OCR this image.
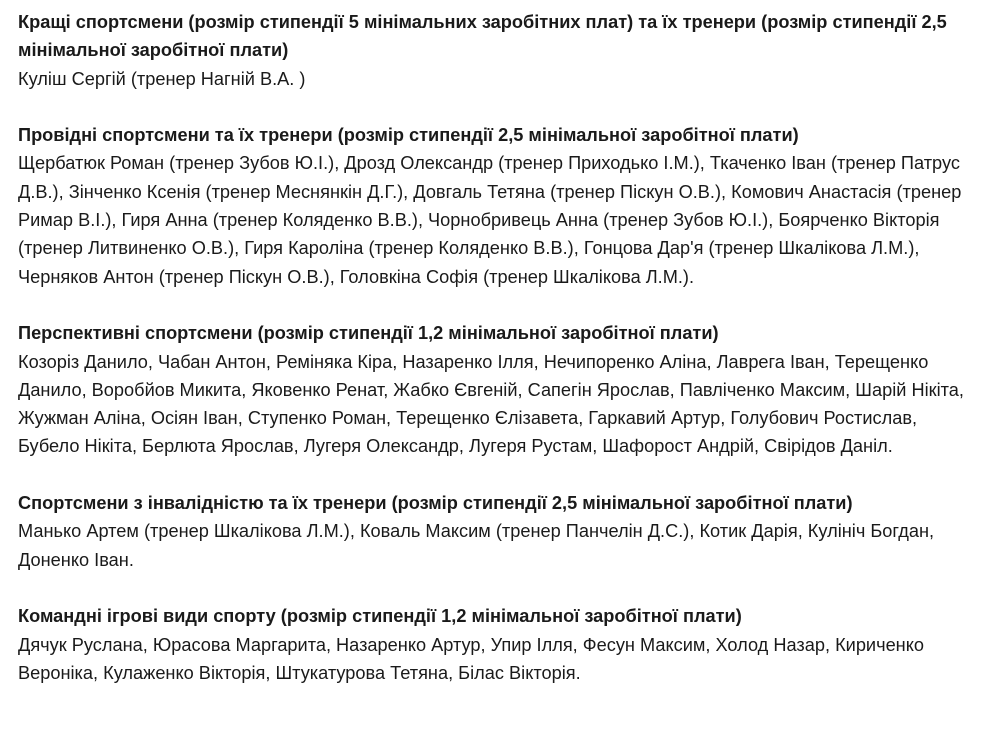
Кращі спортсмени (розмір стипендії 5 мінімальних заробітних плат) та їх тренери (розмір стипендії 2,5 мінімальної заробітної плати)

Куліш Сергій (тренер Нагній В.А. )

Провідні спортсмени та їх тренери (розмір стипендії 2,5 мінімальної заробітної плати)

Щербатюк Роман (тренер Зубов Ю.І.), Дрозд Олександр (тренер Приходько І.М.), Ткаченко Іван (тренер Патрус Д.В.), Зінченко Ксенія (тренер Меснянкін Д.Г.), Довгаль Тетяна (тренер Піскун О.В.), Комович Анастасія (тренер Римар В.І.), Гиря Анна (тренер Коляденко В.В.), Чорнобривець Анна (тренер Зубов Ю.І.), Боярченко Вікторія (тренер Литвиненко О.В.), Гиря Кароліна (тренер Коляденко В.В.), Гонцова Дар'я (тренер Шкалікова Л.М.), Черняков Антон (тренер Піскун О.В.), Головкіна Софія (тренер Шкалікова Л.М.).

Перспективні спортсмени (розмір стипендії 1,2 мінімальної заробітної плати)

Козоріз Данило, Чабан Антон, Реміняка Кіра, Назаренко Ілля, Нечипоренко Аліна, Лаврега Іван, Терещенко Данило, Воробйов Микита, Яковенко Ренат, Жабко Євгеній, Сапегін Ярослав, Павліченко Максим, Шарій Нікіта, Жужман Аліна, Осіян Іван, Ступенко Роман, Терещенко Єлізавета, Гаркавий Артур, Голубович Ростислав, Бубело Нікіта, Берлюта Ярослав, Лугеря Олександр, Лугеря Рустам, Шафорост Андрій, Свірідов Даніл.

Спортсмени з інвалідністю та їх тренери (розмір стипендії 2,5 мінімальної заробітної плати)

Манько Артем (тренер Шкалікова Л.М.), Коваль Максим (тренер Панчелін Д.С.), Котик Дарія, Кулініч Богдан, Доненко Іван.

Командні ігрові види спорту (розмір стипендії 1,2 мінімальної заробітної плати)

Дячук Руслана, Юрасова Маргарита, Назаренко Артур, Упир Ілля, Фесун Максим, Холод Назар, Кириченко Вероніка, Кулаженко Вікторія, Штукатурова Тетяна, Білас Вікторія.
